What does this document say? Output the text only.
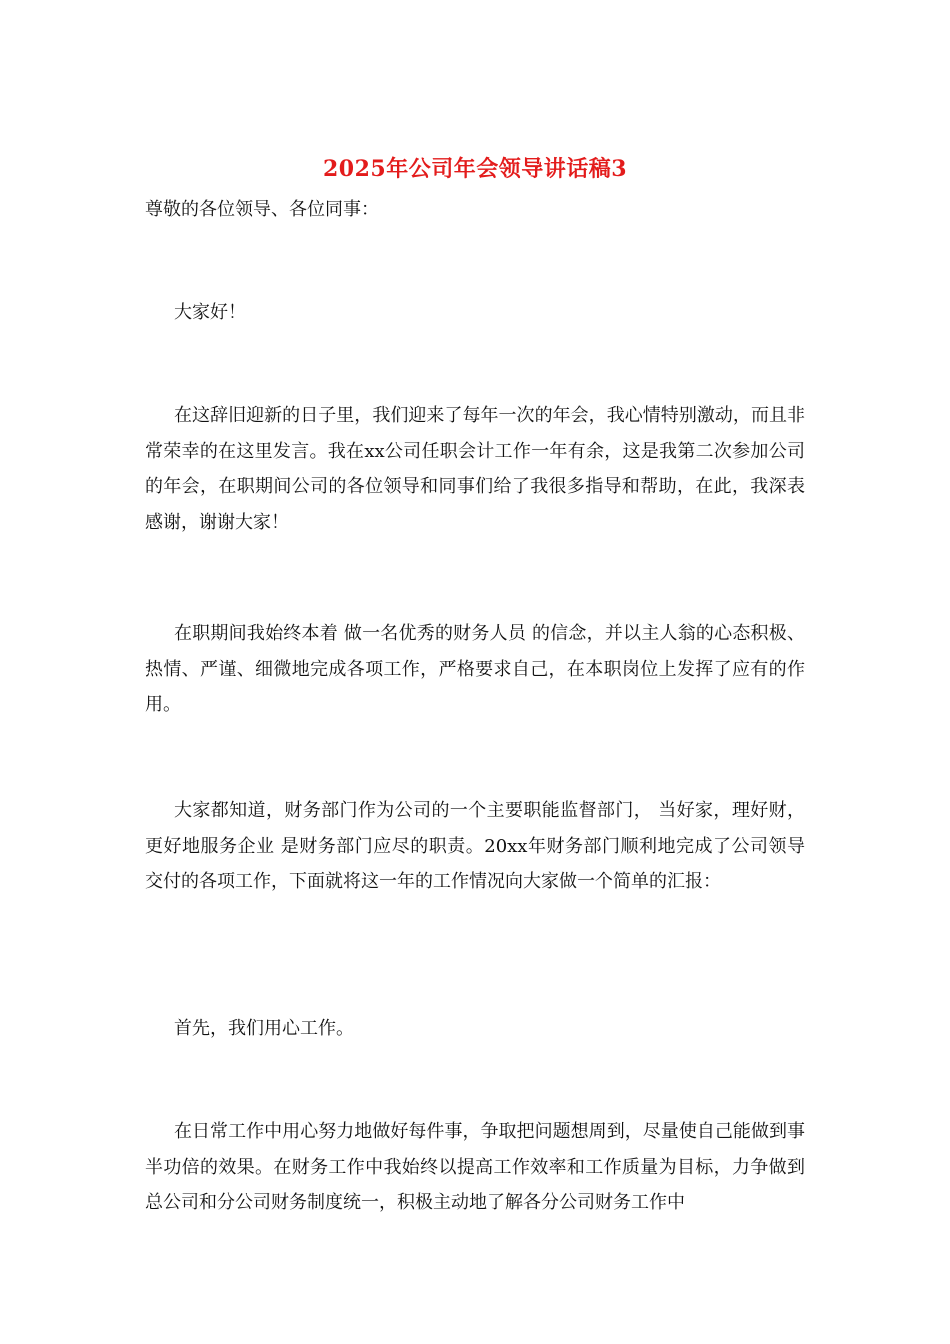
2025年公司年会领导讲话稿3

尊敬的各位领导、各位同事：

大家好！

在这辞旧迎新的日子里，我们迎来了每年一次的年会，我心情特别激动，而且非常荣幸的在这里发言。我在xx公司任职会计工作一年有余，这是我第二次参加公司的年会，在职期间公司的各位领导和同事们给了我很多指导和帮助，在此，我深表感谢，谢谢大家！

在职期间我始终本着 做一名优秀的财务人员 的信念，并以主人翁的心态积极、热情、严谨、细微地完成各项工作，严格要求自己，在本职岗位上发挥了应有的作用。

大家都知道，财务部门作为公司的一个主要职能监督部门， 当好家，理好财，更好地服务企业 是财务部门应尽的职责。20xx年财务部门顺利地完成了公司领导交付的各项工作，下面就将这一年的工作情况向大家做一个简单的汇报：

首先，我们用心工作。

在日常工作中用心努力地做好每件事，争取把问题想周到，尽量使自己能做到事半功倍的效果。在财务工作中我始终以提高工作效率和工作质量为目标，力争做到总公司和分公司财务制度统一，积极主动地了解各分公司财务工作中
